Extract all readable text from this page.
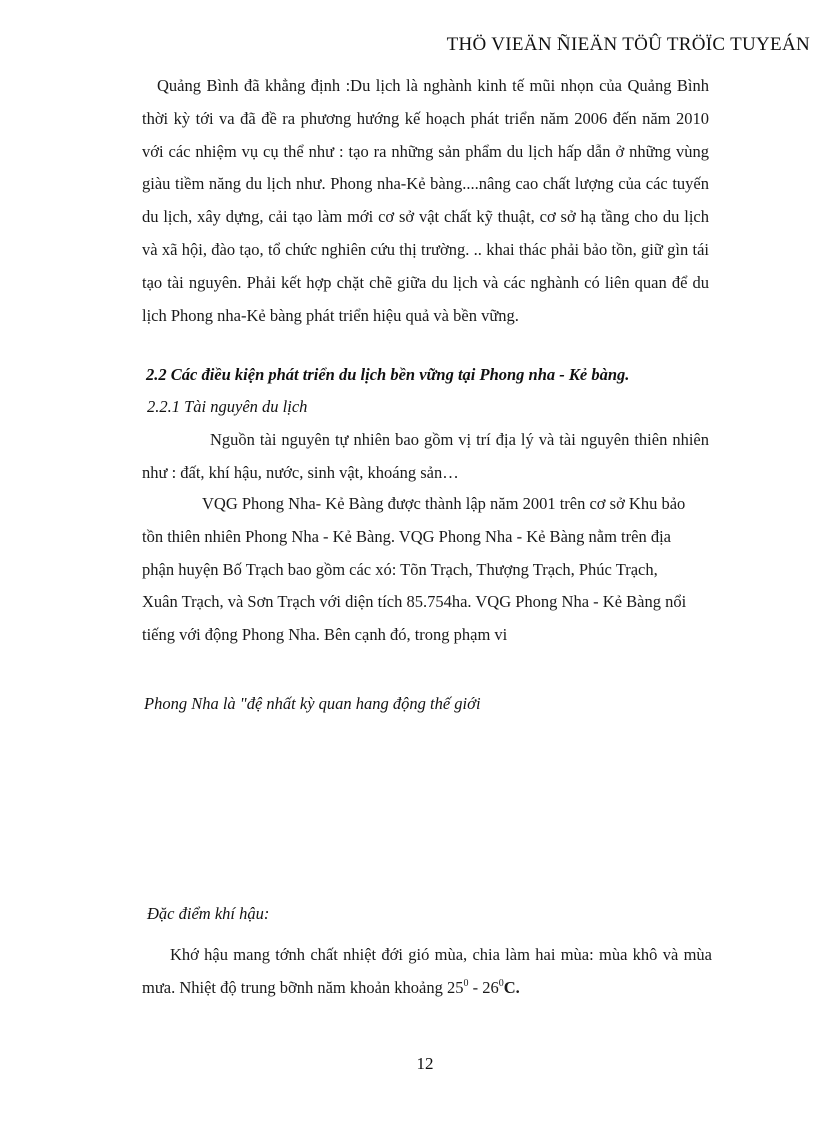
THÖ VIEÄN ÑIEÄN TÖÛ TRÖÏC TUYEÁN

Quảng Bình đã khẳng định :Du lịch là nghành kinh tế mũi nhọn của Quảng Bình thời kỳ tới va đã đề ra phương hướng kế hoạch phát triển năm 2006 đến năm 2010 với các nhiệm vụ cụ thể như : tạo ra những sản phẩm du lịch hấp dẫn ở những vùng giàu tiềm năng du lịch như. Phong nha-Kẻ bàng....nâng cao chất lượng của các tuyến du lịch, xây dựng, cải tạo làm mới cơ sở vật chất kỹ thuật, cơ sở hạ tầng cho du lịch và xã hội, đào tạo, tổ chức nghiên cứu thị trường. .. khai thác phải bảo tồn, giữ gìn tái tạo tài nguyên. Phải kết hợp chặt chẽ giữa du lịch và các nghành có liên quan để du lịch Phong nha-Kẻ bàng phát triển hiệu quả và bền vững.

2.2 Các điều kiện phát triển du lịch bền vững tại Phong nha - Kẻ bàng.

2.2.1 Tài nguyên du lịch

Nguồn tài nguyên tự nhiên bao gồm vị trí địa lý và tài nguyên thiên nhiên như : đất, khí hậu, nước, sinh vật, khoáng sản…

VQG Phong Nha- Kẻ Bàng được thành lập năm 2001 trên cơ sở Khu bảo tồn thiên nhiên Phong Nha - Kẻ Bàng. VQG Phong Nha - Kẻ Bàng nằm trên địa phận huyện Bố Trạch bao gồm các xó: Tõn Trạch, Thượng Trạch, Phúc Trạch, Xuân Trạch, và Sơn Trạch với diện tích 85.754ha. VQG Phong Nha - Kẻ Bàng nổi tiếng với động Phong Nha. Bên cạnh đó, trong phạm vi

Phong Nha là "đệ nhất kỳ quan hang động thế giới

Đặc điểm khí hậu:

Khớ hậu mang tớnh chất nhiệt đới gió mùa, chia làm hai mùa: mùa khô và mùa mưa. Nhiệt độ trung bỡnh năm khoản khoảng $25^0 - 26^0C$.

12
